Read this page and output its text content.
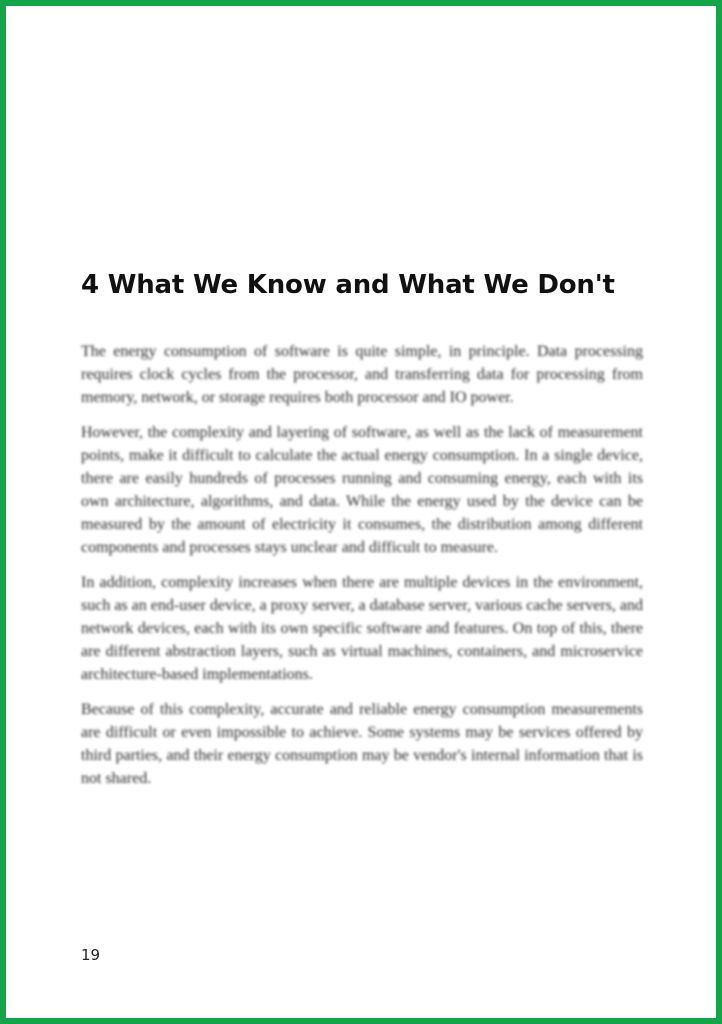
4 What We Know and What We Don't

The energy consumption of software is quite simple, in principle. Data processing requires clock cycles from the processor, and transferring data for processing from memory, network, or storage requires both processor and IO power.

However, the complexity and layering of software, as well as the lack of measurement points, make it difficult to calculate the actual energy consumption. In a single device, there are easily hundreds of processes running and consuming energy, each with its own architecture, algorithms, and data. While the energy used by the device can be measured by the amount of electricity it consumes, the distribution among different components and processes stays unclear and difficult to measure.

In addition, complexity increases when there are multiple devices in the environment, such as an end-user device, a proxy server, a database server, various cache servers, and network devices, each with its own specific software and features. On top of this, there are different abstraction layers, such as virtual machines, containers, and microservice architecture-based implementations.

Because of this complexity, accurate and reliable energy consumption measurements are difficult or even impossible to achieve. Some systems may be services offered by third parties, and their energy consumption may be vendor's internal information that is not shared.

19
